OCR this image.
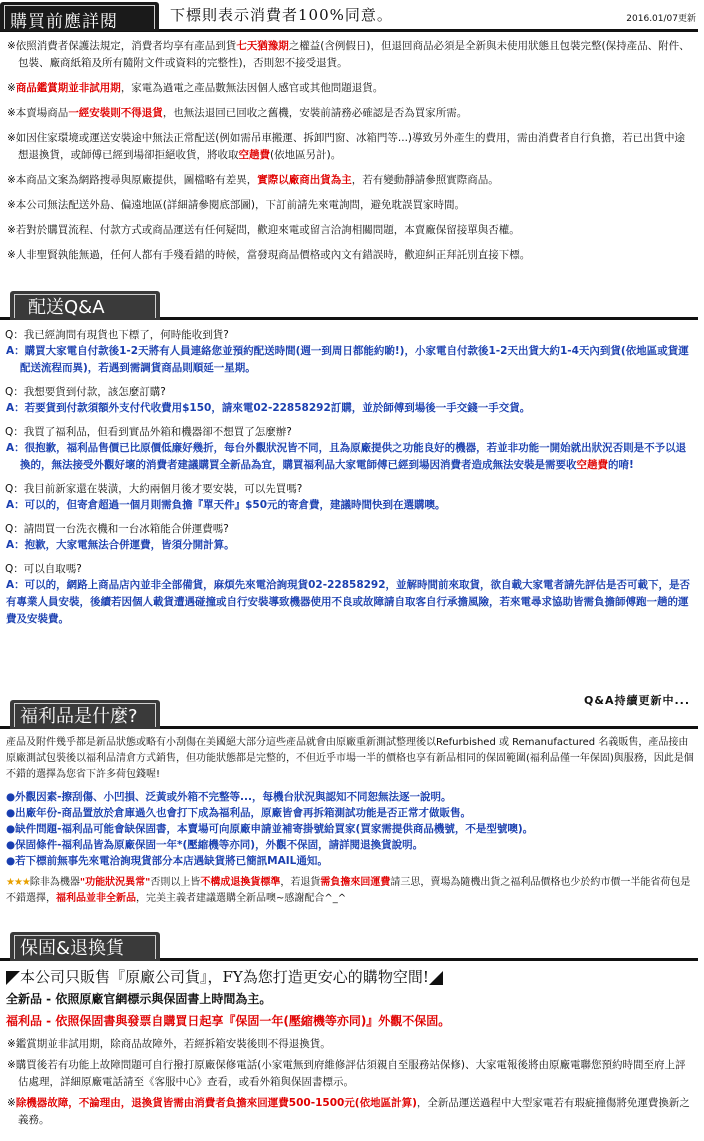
購買前應詳閱	下標則表示消費者100%同意。	2016.01/07更新

※依照消費者保護法規定，消費者均享有產品到貨七天猶豫期之權益(含例假日)，但退回商品必須是全新與未使用狀態且包裝完整(保持產品、附件、包裝、廠商紙箱及所有隨附文件或資料的完整性)，否則恕不接受退貨。

※商品鑑賞期並非試用期，家電為過電之產品數無法因個人感官或其他問題退貨。

※本賣場商品一經安裝則不得退貨，也無法退回已回收之舊機，安裝前請務必確認是否為買家所需。

※如因住家環境或運送安裝途中無法正常配送(例如需吊車搬運、拆卸門窗、冰箱門等...)導致另外產生的費用，需由消費者自行負擔，若已出貨中途想退換貨，或師傅已經到場卻拒絕收貨，將收取空趟費(依地區另計)。

※本商品文案為網路搜尋與原廠提供，圖檔略有差異，實際以廠商出貨為主，若有變動靜請參照實際商品。

※本公司無法配送外島、偏遠地區(詳細請參閱底部圖)，下訂前請先來電詢問，避免耽誤買家時間。

※若對於購買流程、付款方式或商品運送有任何疑問，歡迎來電或留言洽詢相關問題，本賣廠保留接單與否權。

※人非聖賢孰能無過，任何人都有手殘看錯的時候，當發現商品價格或內文有錯誤時，歡迎糾正拜託別直接下標。

配送Q&A

Q：我已經詢問有現貨也下標了，何時能收到貨?

A：購買大家電自付款後1-2天將有人員連絡您並預約配送時間(週一到周日都能約喲!)，小家電自付款後1-2天出貨大約1-4天內到貨(依地區或貨運配送流程而異)，若遇到需調貨商品則順延一星期。

Q：我想要貨到付款，該怎麼訂購?

A：若要貨到付款須額外支付代收費用$150，請來電02-22858292訂購，並於師傅到場後一手交錢一手交貨。

Q：我買了福利品，但看到實品外箱和機器卻不想買了怎麼辦?

A：很抱歉，福利品售價已比原價低廉好幾折，每台外觀狀況皆不同，且為原廠提供之功能良好的機器，若並非功能一開始就出狀況否則是不予以退換的，無法接受外觀好壞的消費者建議購買全新品為宜，購買福利品大家電師傅已經到場因消費者造成無法安裝是需要收空趟費的唷!

Q：我目前新家還在裝潢，大約兩個月後才要安裝，可以先買嗎?

A：可以的，但寄倉超過一個月則需負擔『單天件』$50元的寄倉費，建議時間快到在選購噢。

Q：請問買一台洗衣機和一台冰箱能合併運費嗎?

A：抱歉，大家電無法合併運費，皆須分開計算。

Q：可以自取嗎?

A：可以的，網路上商品店內並非全部備貨，麻煩先來電洽詢現貨02-22858292，並解時間前來取貨，欲自載大家電者請先評估是否可載下，是否有專業人員安裝，後續若因個人載貨遭遇碰撞或自行安裝導致機器使用不良或故障請自取客自行承擔風險，若來電尋求協助皆需負擔師傅跑一趟的運費及安裝費。

Q&A持續更新中...
福利品是什麼?

產品及附件幾乎都是新品狀態或略有小刮傷在美國絕大部分這些產品就會由原廠重新測試整理後以Refurbished 或 Remanufactured 名義販售，產品接由原廠測試包裝後以福利品清倉方式銷售，但功能狀態都是完整的，不但近乎市場一半的價格也享有新品相同的保固範圍(福利品僅一年保固)與服務，因此是個不錯的選擇為您省下許多荷包錢喔!

●外觀因素-擦刮傷、小凹損、泛黃或外箱不完整等...，每機台狀況與認知不同恕無法逐一說明。

●出廠年份-商品置放於倉庫過久也會打下成為福利品，原廠皆會再拆箱測試功能是否正常才做販售。

●缺件問題-福利品可能會缺保固書，本賣場可向原廠申請並補寄掛號給買家(買家需提供商品機號，不是型號噢)。

●保固條件-福利品皆為原廠保固一年*(壓縮機等亦同)，外觀不保固，請詳閱退換貨說明。

●若下標前無事先來電洽詢現貨部分本店遇缺貨將已簡訊MAIL通知。

★★★除非為機器"功能狀況異常"否則以上皆不構成退換貨標準，若退貨需負擔來回運費請三思，賣場為隨機出貨之福利品價格也少於約市價一半能省荷包是不錯選擇，福利品並非全新品，完美主義者建議選購全新品噢~感謝配合^_^

保固&退換貨

本公司只販售『原廠公司貨』，FY為您打造更安心的購物空間!

全新品 - 依照原廠官網標示與保固書上時間為主。

福利品 - 依照保固書與發票自購買日起享『保固一年(壓縮機等亦同)』外觀不保固。

※鑑賞期並非試用期，除商品故障外，若經拆箱安裝後則不得退換貨。

※購買後若有功能上故障問題可自行撥打原廠保修電話(小家電無到府維修評估須親自至服務站保修)、大家電報後將由原廠電聯您預約時間至府上評估處理，詳細原廠電話請至《客服中心》查看，或看外箱與保固書標示。

※除機器故障，不論理由，退換貨皆需由消費者負擔來回運費500-1500元(依地區計算)，全新品運送過程中大型家電若有瑕疵撞傷將免運費換新之義務。
